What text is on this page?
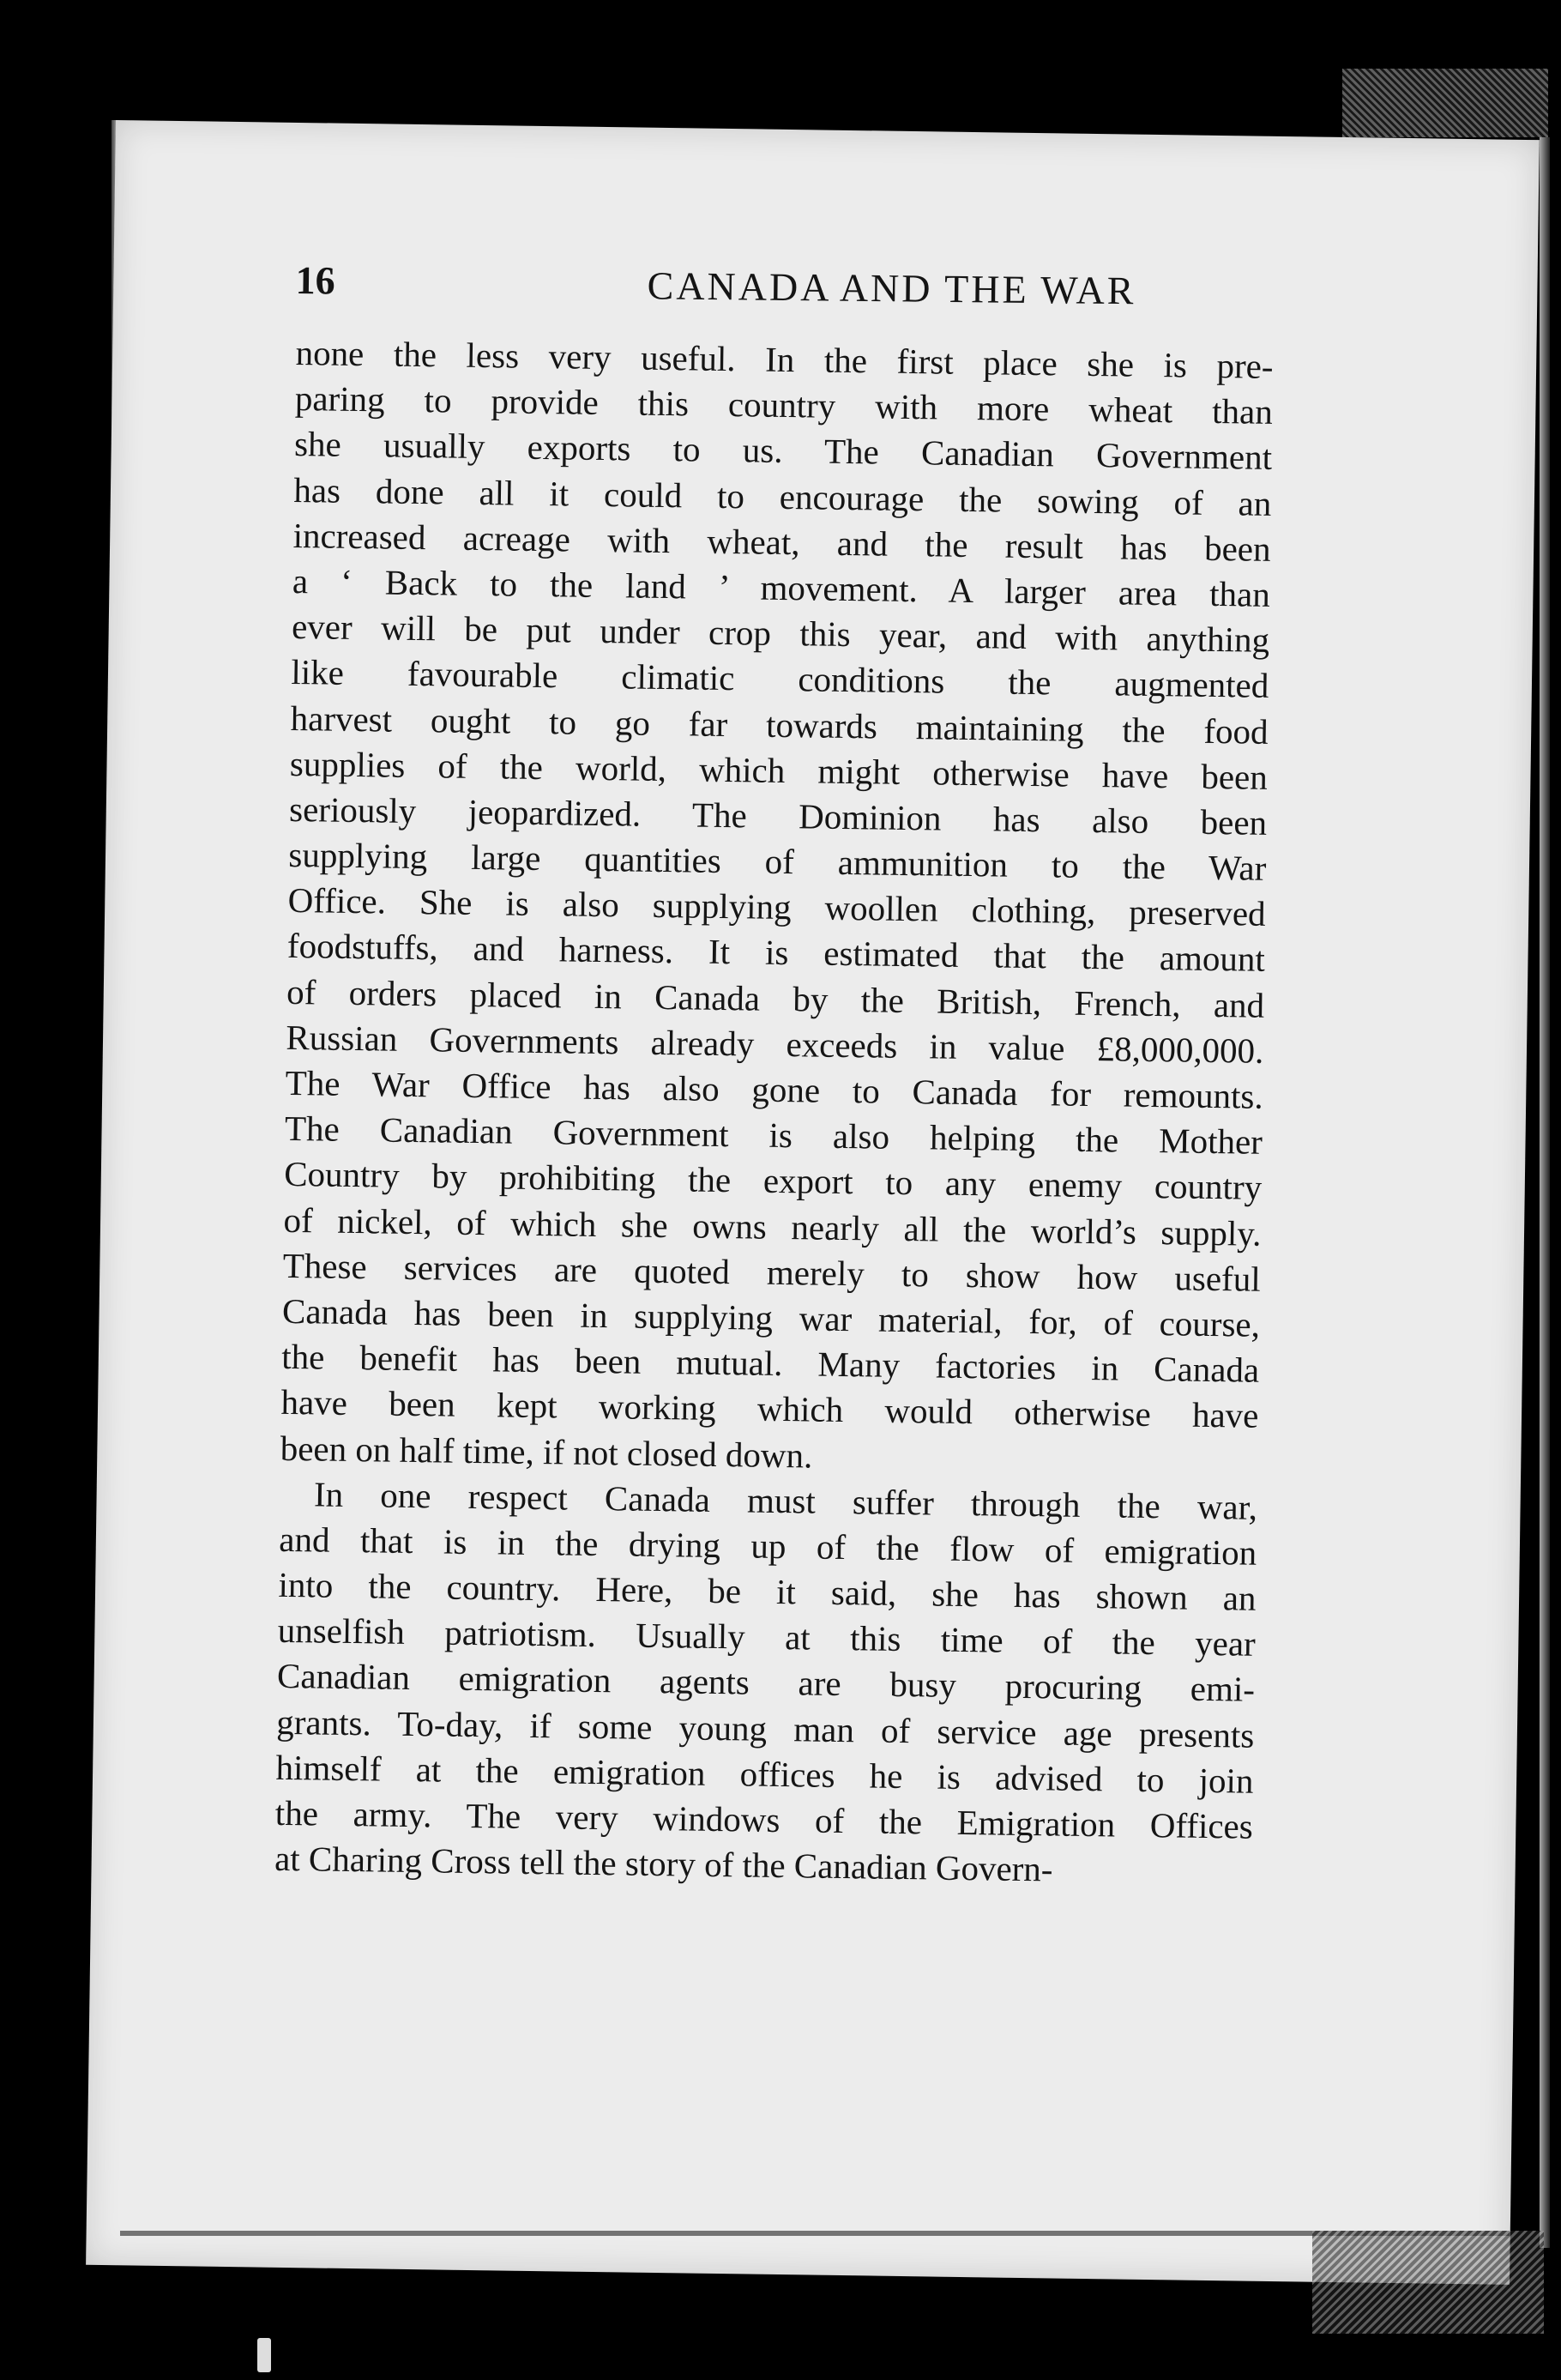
16	CANADA AND THE WAR
none the less very useful. In the first place she is pre-
paring to provide this country with more wheat than
she usually exports to us. The Canadian Government
has done all it could to encourage the sowing of an
increased acreage with wheat, and the result has been
a ‘ Back to the land ’ movement. A larger area than
ever will be put under crop this year, and with anything
like favourable climatic conditions the augmented
harvest ought to go far towards maintaining the food
supplies of the world, which might otherwise have been
seriously jeopardized. The Dominion has also been
supplying large quantities of ammunition to the War
Office. She is also supplying woollen clothing, preserved
foodstuffs, and harness. It is estimated that the amount
of orders placed in Canada by the British, French, and
Russian Governments already exceeds in value £8,000,000.
The War Office has also gone to Canada for remounts.
The Canadian Government is also helping the Mother
Country by prohibiting the export to any enemy country
of nickel, of which she owns nearly all the world’s supply.
These services are quoted merely to show how useful
Canada has been in supplying war material, for, of course,
the benefit has been mutual. Many factories in Canada
have been kept working which would otherwise have
been on half time, if not closed down.
In one respect Canada must suffer through the war,
and that is in the drying up of the flow of emigration
into the country. Here, be it said, she has shown an
unselfish patriotism. Usually at this time of the year
Canadian emigration agents are busy procuring emi-
grants. To-day, if some young man of service age presents
himself at the emigration offices he is advised to join
the army. The very windows of the Emigration Offices
at Charing Cross tell the story of the Canadian Govern-
